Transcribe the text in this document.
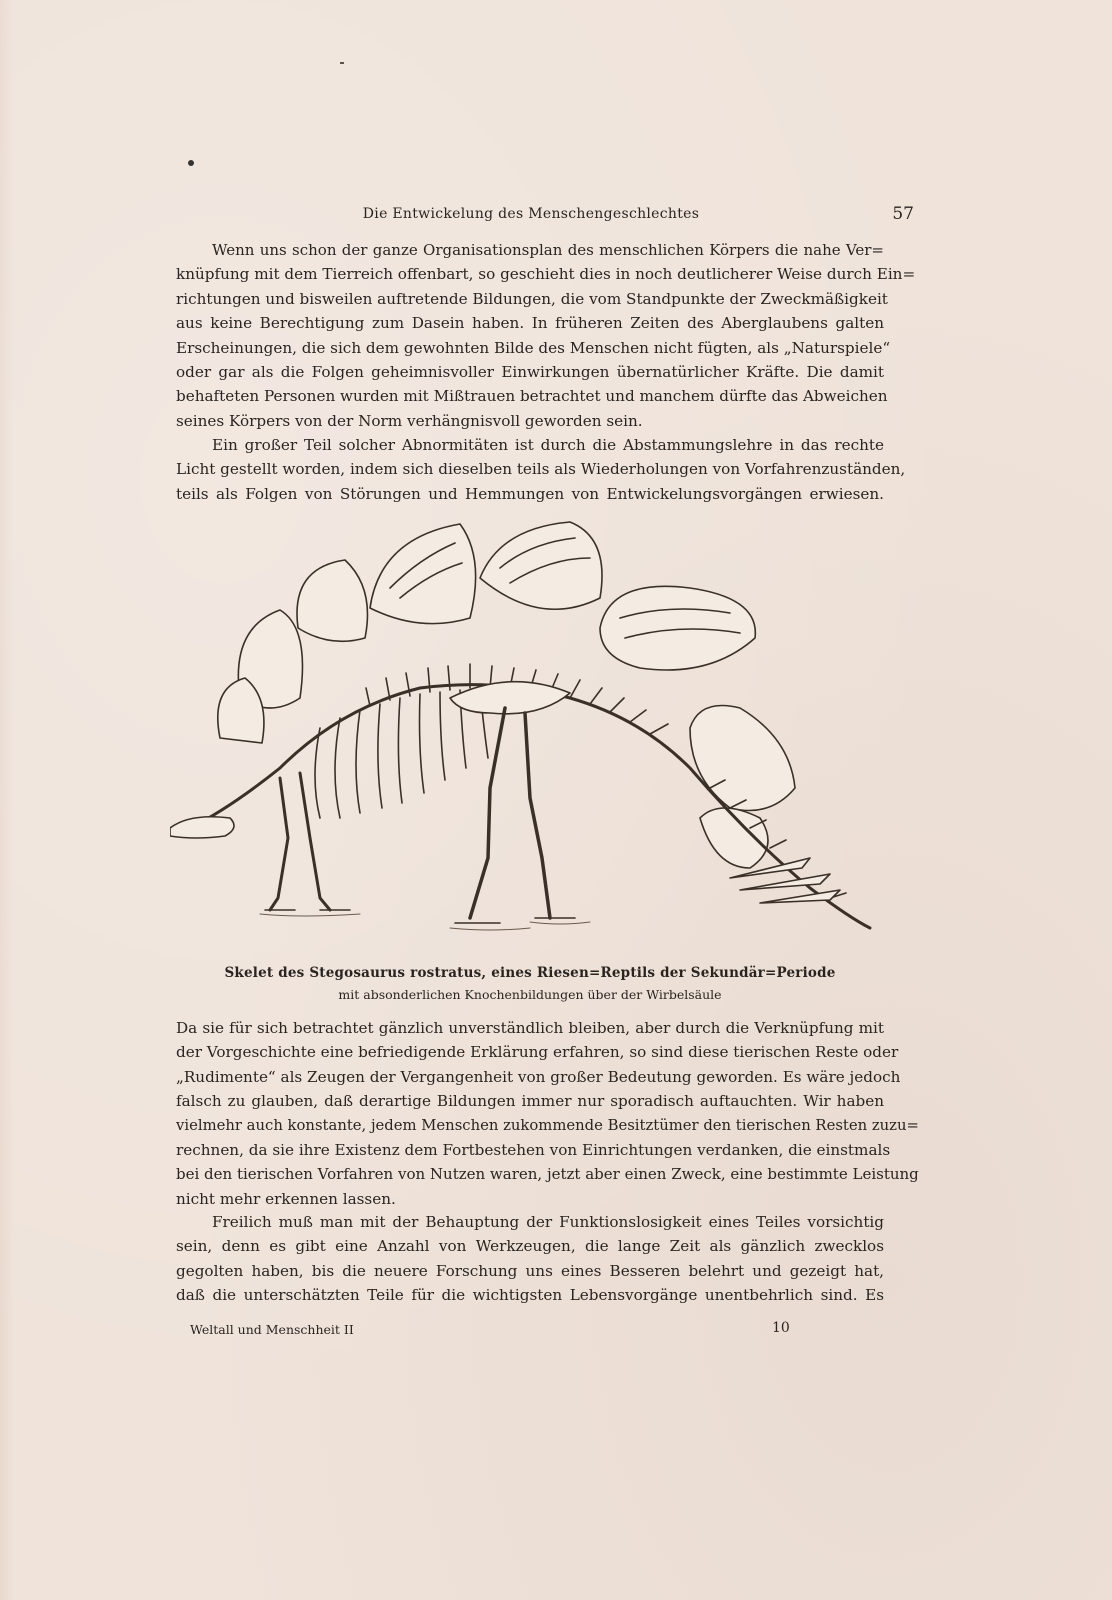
Die Entwickelung des Menschengeschlechtes	57
Wenn uns schon der ganze Organisationsplan des menschlichen Körpers die nahe Ver=
knüpfung mit dem Tierreich offenbart, so geschieht dies in noch deutlicherer Weise durch Ein=
richtungen und bisweilen auftretende Bildungen, die vom Standpunkte der Zweckmäßigkeit
aus keine Berechtigung zum Dasein haben. In früheren Zeiten des Aberglaubens galten
Erscheinungen, die sich dem gewohnten Bilde des Menschen nicht fügten, als „Naturspiele“
oder gar als die Folgen geheimnisvoller Einwirkungen übernatürlicher Kräfte. Die damit
behafteten Personen wurden mit Mißtrauen betrachtet und manchem dürfte das Abweichen
seines Körpers von der Norm verhängnisvoll geworden sein.
Ein großer Teil solcher Abnormitäten ist durch die Abstammungslehre in das rechte
Licht gestellt worden, indem sich dieselben teils als Wiederholungen von Vorfahrenzuständen,
teils als Folgen von Störungen und Hemmungen von Entwickelungsvorgängen erwiesen.
Skelet des Stegosaurus rostratus, eines Riesen=Reptils der Sekundär=Periode
mit absonderlichen Knochenbildungen über der Wirbelsäule
Da sie für sich betrachtet gänzlich unverständlich bleiben, aber durch die Verknüpfung mit
der Vorgeschichte eine befriedigende Erklärung erfahren, so sind diese tierischen Reste oder
„Rudimente“ als Zeugen der Vergangenheit von großer Bedeutung geworden. Es wäre jedoch
falsch zu glauben, daß derartige Bildungen immer nur sporadisch auftauchten. Wir haben
vielmehr auch konstante, jedem Menschen zukommende Besitztümer den tierischen Resten zuzu=
rechnen, da sie ihre Existenz dem Fortbestehen von Einrichtungen verdanken, die einstmals
bei den tierischen Vorfahren von Nutzen waren, jetzt aber einen Zweck, eine bestimmte Leistung
nicht mehr erkennen lassen.
Freilich muß man mit der Behauptung der Funktionslosigkeit eines Teiles vorsichtig
sein, denn es gibt eine Anzahl von Werkzeugen, die lange Zeit als gänzlich zwecklos
gegolten haben, bis die neuere Forschung uns eines Besseren belehrt und gezeigt hat,
daß die unterschätzten Teile für die wichtigsten Lebensvorgänge unentbehrlich sind. Es
Weltall und Menschheit II	10
